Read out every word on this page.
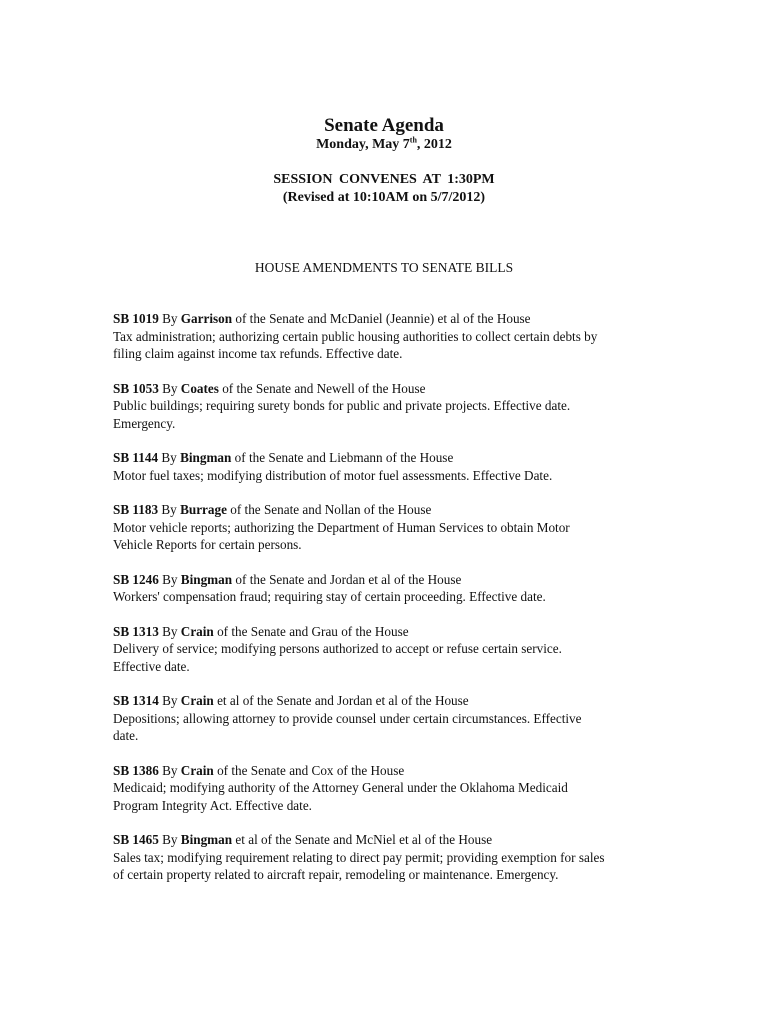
Senate Agenda
Monday, May 7th, 2012
SESSION CONVENES AT 1:30PM
(Revised at 10:10AM on 5/7/2012)
HOUSE AMENDMENTS TO SENATE BILLS
SB 1019 By Garrison of the Senate and McDaniel (Jeannie) et al of the House
Tax administration; authorizing certain public housing authorities to collect certain debts by
filing claim against income tax refunds. Effective date.
SB 1053 By Coates of the Senate and Newell of the House
Public buildings; requiring surety bonds for public and private projects. Effective date.
Emergency.
SB 1144 By Bingman of the Senate and Liebmann of the House
Motor fuel taxes; modifying distribution of motor fuel assessments. Effective Date.
SB 1183 By Burrage of the Senate and Nollan of the House
Motor vehicle reports; authorizing the Department of Human Services to obtain Motor
Vehicle Reports for certain persons.
SB 1246 By Bingman of the Senate and Jordan et al of the House
Workers' compensation fraud; requiring stay of certain proceeding. Effective date.
SB 1313 By Crain of the Senate and Grau of the House
Delivery of service; modifying persons authorized to accept or refuse certain service.
Effective date.
SB 1314 By Crain et al of the Senate and Jordan et al of the House
Depositions; allowing attorney to provide counsel under certain circumstances. Effective
date.
SB 1386 By Crain of the Senate and Cox of the House
Medicaid; modifying authority of the Attorney General under the Oklahoma Medicaid
Program Integrity Act. Effective date.
SB 1465 By Bingman et al of the Senate and McNiel et al of the House
Sales tax; modifying requirement relating to direct pay permit; providing exemption for sales
of certain property related to aircraft repair, remodeling or maintenance. Emergency.
